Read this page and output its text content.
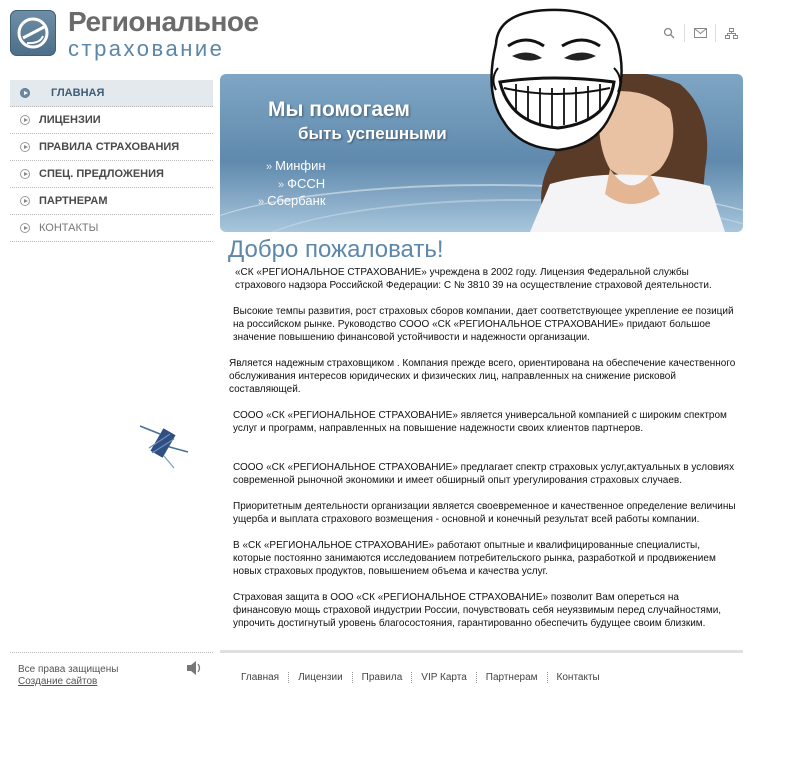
Региональное
страхование
ГЛАВНАЯ
ЛИЦЕНЗИИ
ПРАВИЛА СТРАХОВАНИЯ
СПЕЦ. ПРЕДЛОЖЕНИЯ
ПАРТНЕРАМ
КОНТАКТЫ
Мы помогаем
быть успешными
» Минфин
» ФССН
» Сбербанк
Добро пожаловать!

«СК «РЕГИОНАЛЬНОЕ СТРАХОВАНИЕ» учреждена в 2002 году. Лицензия Федеральной службы страхового надзора Российской Федерации: С № 3810 39 на осуществление страховой деятельности.

Высокие темпы развития, рост страховых сборов компании, дает соответствующее укрепление ее позиций на российском рынке. Руководство СООО «СК «РЕГИОНАЛЬНОЕ СТРАХОВАНИЕ» придают большое значение повышению финансовой устойчивости и надежности организации.

Является надежным страховщиком . Компания прежде всего, ориентирована на обеспечение качественного обслуживания интересов юридических и физических лиц, направленных на снижение рисковой составляющей.

СООО «СК «РЕГИОНАЛЬНОЕ СТРАХОВАНИЕ» является универсальной компанией с широким спектром услуг и программ, направленных на повышение надежности своих клиентов партнеров.

СООО «СК «РЕГИОНАЛЬНОЕ СТРАХОВАНИЕ» предлагает спектр страховых услуг,актуальных в условиях современной рыночной экономики и имеет обширный опыт урегулирования страховых случаев.

Приоритетным деятельности организации является своевременное и качественное определение величины ущерба и выплата страхового возмещения - основной и конечный результат всей работы компании.

В «СК «РЕГИОНАЛЬНОЕ СТРАХОВАНИЕ» работают опытные и квалифицированные специалисты, которые постоянно занимаются исследованием потребительского рынка, разработкой и продвижением новых страховых продуктов, повышением объема и качества услуг.

Страховая защита в ООО «СК «РЕГИОНАЛЬНОЕ СТРАХОВАНИЕ» позволит Вам опереться на финансовую мощь страховой индустрии России, почувствовать себя неуязвимым перед случайностями, упрочить достигнутый уровень благосостояния, гарантированно обеспечить будущее своим близким.

Все права защищены
Создание сайтов	Главная	Лицензии	Правила	VIP Карта	Партнерам	Контакты
